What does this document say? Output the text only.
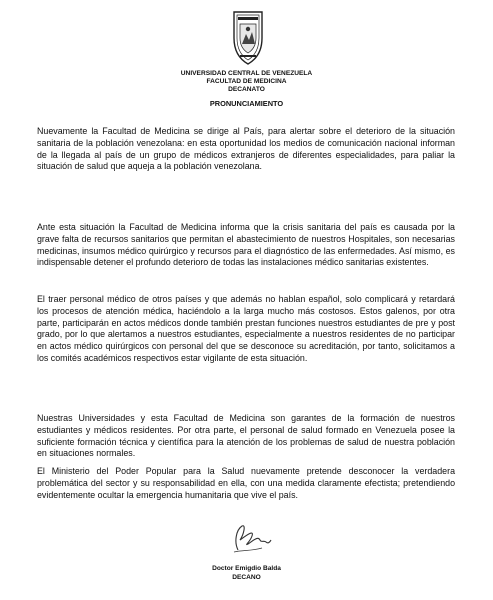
UNIVERSIDAD CENTRAL DE VENEZUELA
FACULTAD DE MEDICINA
DECANATO
PRONUNCIAMIENTO

Nuevamente la Facultad de Medicina se dirige al País, para alertar sobre el deterioro de la situación sanitaria de la población venezolana: en esta oportunidad los medios de comunicación nacional informan de la llegada al país de un grupo de médicos extranjeros de diferentes especialidades, para paliar la situación de salud que aqueja a la población venezolana.

Ante esta situación la Facultad de Medicina informa que la crisis sanitaria del país es causada por la grave falta de recursos sanitarios que permitan el abastecimiento de nuestros Hospitales, son necesarias medicinas, insumos médico quirúrgico y recursos para el diagnóstico de las enfermedades. Así mismo, es indispensable detener el profundo deterioro de todas las instalaciones médico sanitarias existentes.

El traer personal médico de otros países y que además no hablan español, solo complicará y retardará los procesos de atención médica, haciéndolo a la larga mucho más costosos. Estos galenos, por otra parte, participarán en actos médicos donde también prestan funciones nuestros estudiantes de pre y post grado, por lo que alertamos a nuestros estudiantes, especialmente a nuestros residentes de no participar en actos médico quirúrgicos con personal del que se desconoce su acreditación, por tanto, solicitamos a los comités académicos respectivos estar vigilante de esta situación.

Nuestras Universidades y esta Facultad de Medicina son garantes de la formación de nuestros estudiantes y médicos residentes. Por otra parte, el personal de salud formado en Venezuela posee la suficiente formación técnica y científica para la atención de los problemas de salud de nuestra población en situaciones normales.

El Ministerio del Poder Popular para la Salud nuevamente pretende desconocer la verdadera problemática del sector y su responsabilidad en ella, con una medida claramente efectista; pretendiendo evidentemente ocultar la emergencia humanitaria que vive el país.

Doctor Emigdio Balda
DECANO
